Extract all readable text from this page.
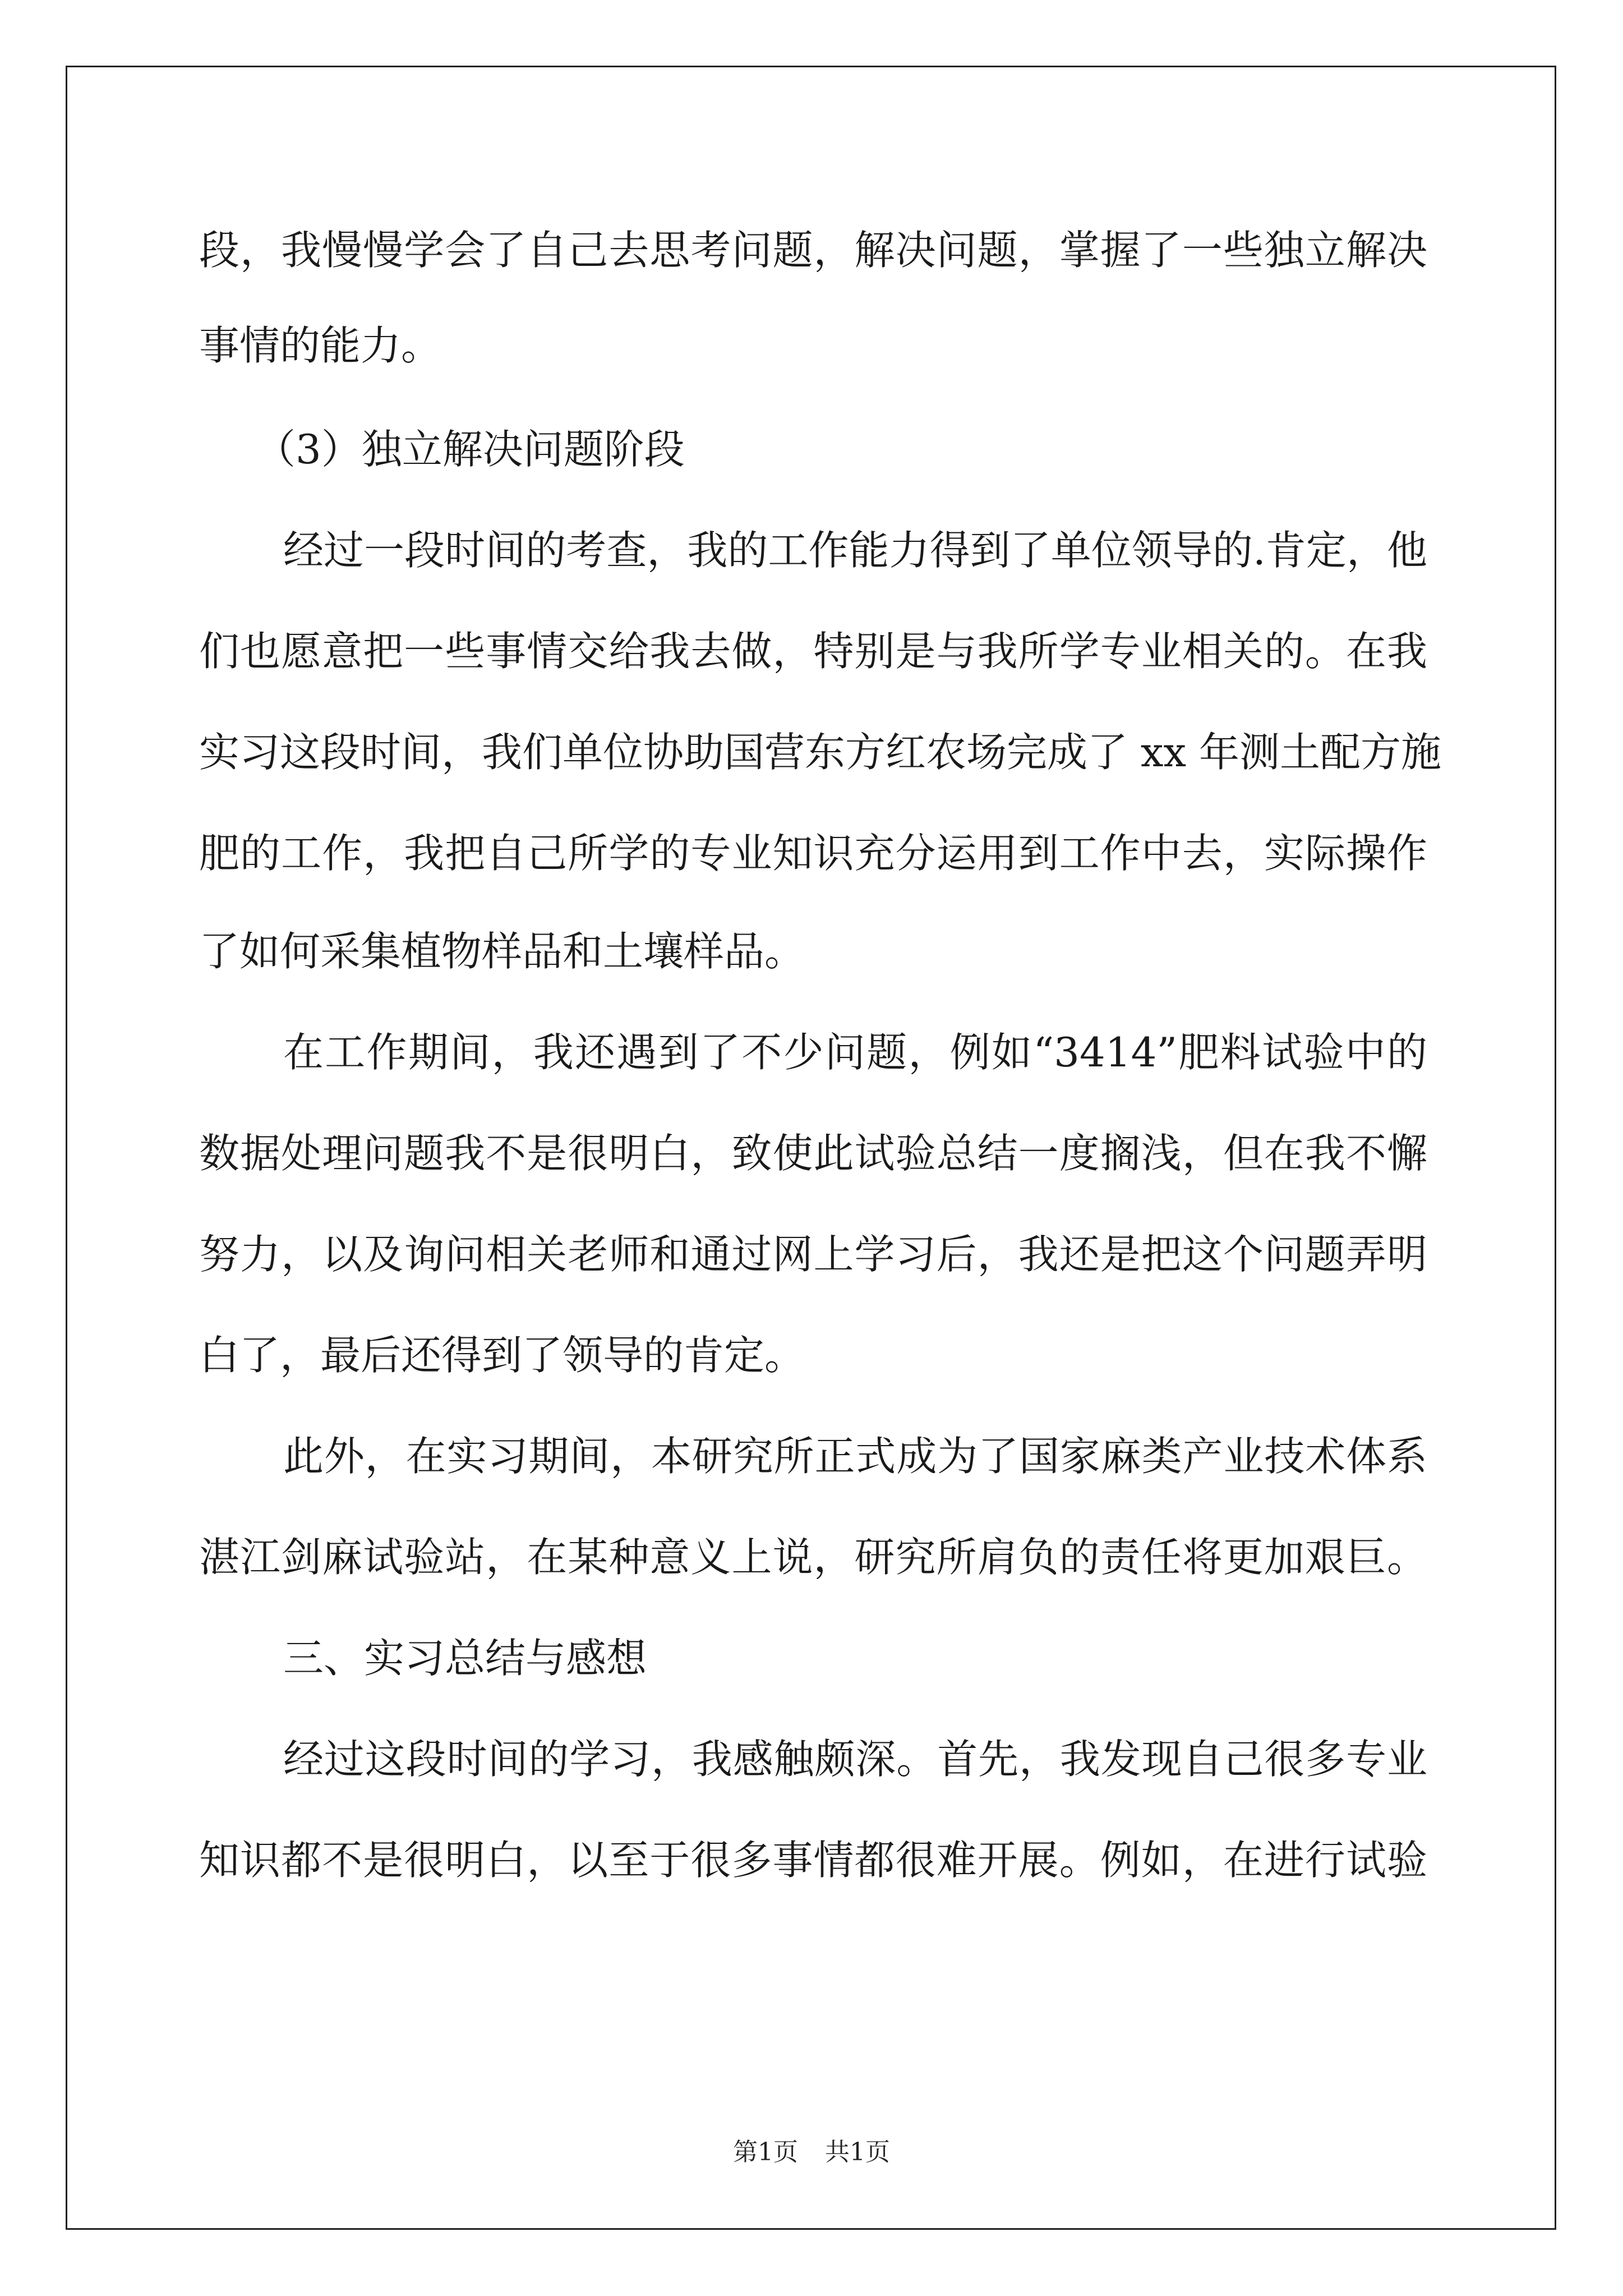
段，我慢慢学会了自己去思考问题，解决问题，掌握了一些独立解决
事情的能力。
（3）独立解决问题阶段
经过一段时间的考查，我的工作能力得到了单位领导的.肯定，他
们也愿意把一些事情交给我去做，特别是与我所学专业相关的。在我
实习这段时间，我们单位协助国营东方红农场完成了 xx 年测土配方施
肥的工作，我把自己所学的专业知识充分运用到工作中去，实际操作
了如何采集植物样品和土壤样品。
在工作期间，我还遇到了不少问题，例如“3414”肥料试验中的
数据处理问题我不是很明白，致使此试验总结一度搁浅，但在我不懈
努力，以及询问相关老师和通过网上学习后，我还是把这个问题弄明
白了，最后还得到了领导的肯定。
此外，在实习期间，本研究所正式成为了国家麻类产业技术体系
湛江剑麻试验站，在某种意义上说，研究所肩负的责任将更加艰巨。
三、实习总结与感想
经过这段时间的学习，我感触颇深。首先，我发现自己很多专业
知识都不是很明白，以至于很多事情都很难开展。例如，在进行试验
第1页 共1页
